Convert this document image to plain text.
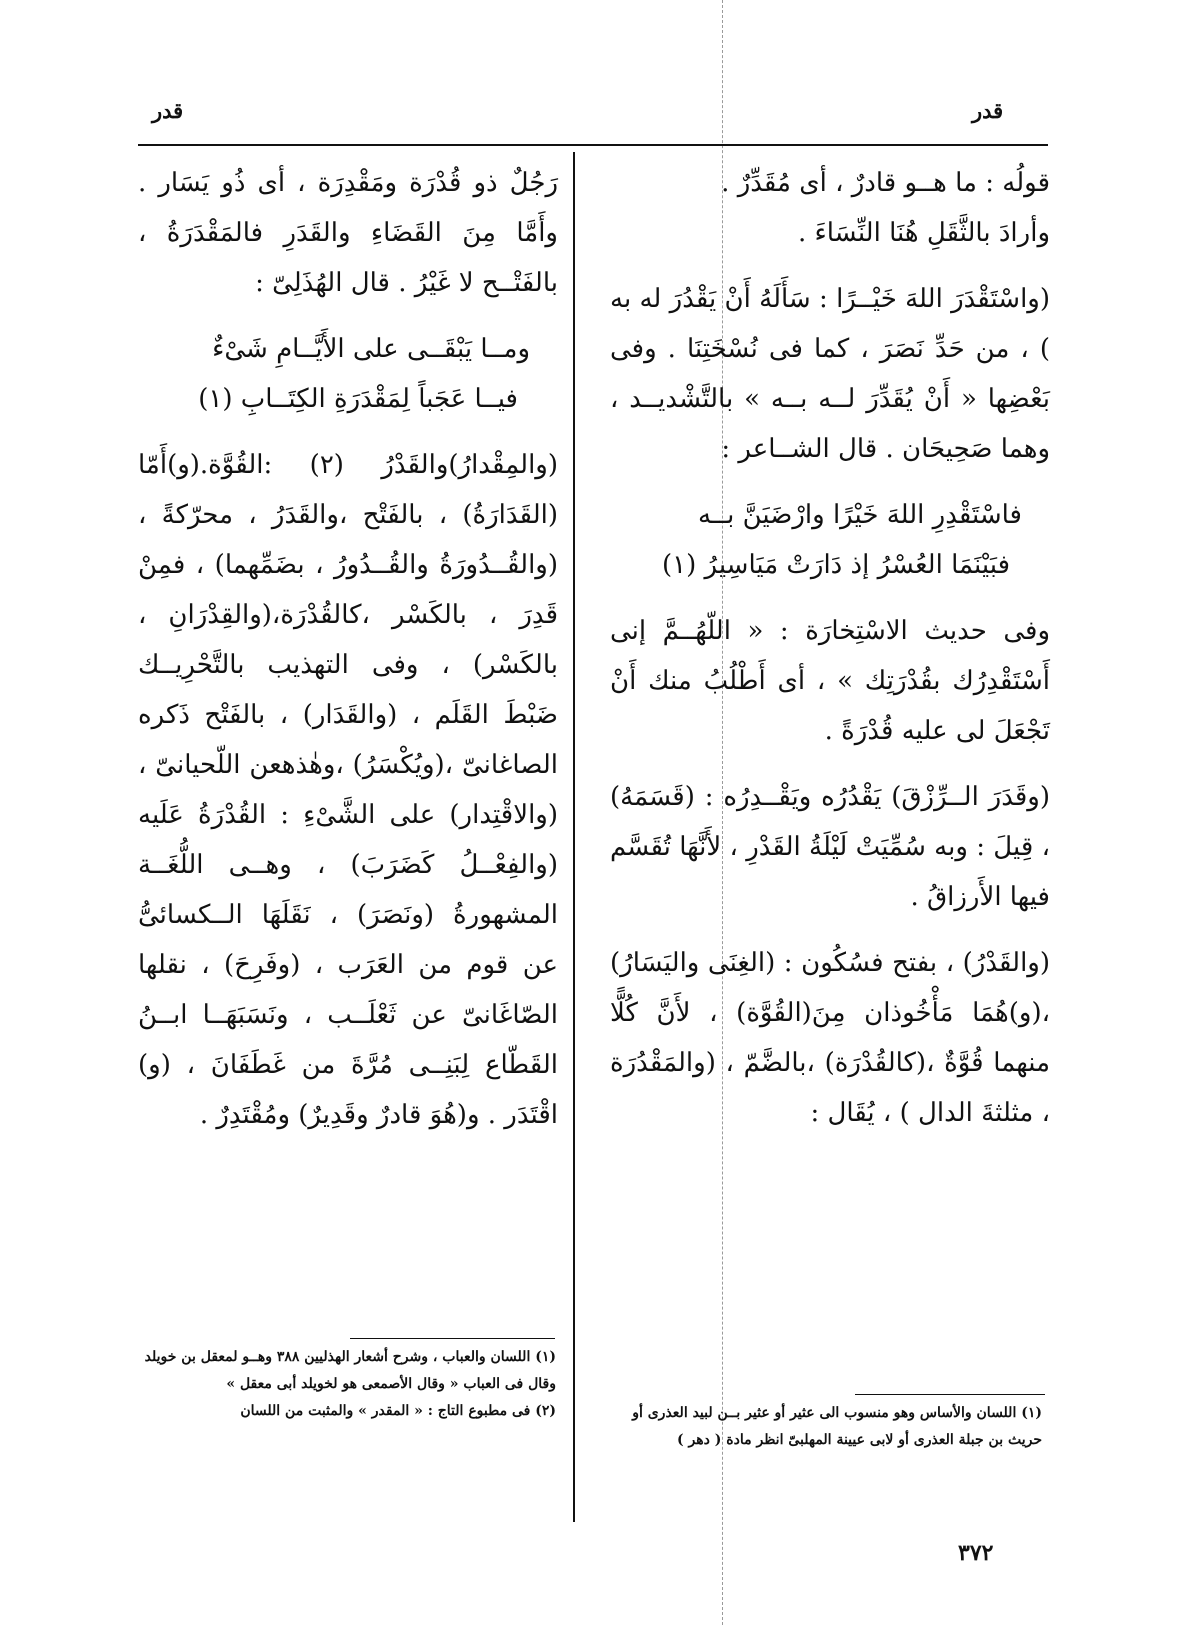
قدر
قدر

قولُه : ما هــو قادرٌ ، أى مُقَدِّرٌ .

وأرادَ بالثَّقَلِ هُنَا النِّسَاءَ .

(واسْتَقْدَرَ اللهَ خَيْــرًا : سَأَلَهُ أَنْ يَقْدُرَ له به ) ، من حَدِّ نَصَرَ ، كما فى نُسْخَتِنَا . وفى بَعْضِها « أَنْ يُقَدِّرَ لــه بــه » بالتَّشْديــد ، وهما صَحِيحَان . قال الشــاعر :

فاسْتَقْدِرِ اللهَ خَيْرًا وارْضَيَنَّ بــه

فبَيْنَمَا العُسْرُ إذ دَارَتْ مَيَاسِيرُ (١)

وفى حديث الاسْتِخارَة : « اللّهُــمَّ إنى أَسْتَقْدِرُك بقُدْرَتِك » ، أى أَطْلُبُ منك أَنْ تَجْعَلَ لى عليه قُدْرَةً .

(وقَدَرَ الــرِّزْقَ) يَقْدُرُه ويَقْــدِرُه : (قَسَمَهُ) ، قِيلَ : وبه سُمِّيَتْ لَيْلَةُ القَدْرِ ، لأَنَّهَا تُقَسَّم فيها الأَرزاقُ .

(والقَدْرُ) ، بفتح فسُكُون : (الغِنَى واليَسَارُ) ،(و)هُمَا مَأْخُوذان مِنَ(القُوَّة) ، لأَنَّ كُلًّا منهما قُوَّةٌ ،(كالقُدْرَة) ،بالضَّمّ ، (والمَقْدُرَة ، مثلثةَ الدال ) ، يُقَال :

رَجُلٌ ذو قُدْرَة ومَقْدِرَة ، أى ذُو يَسَار . وأَمَّا مِنَ القَضَاءِ والقَدَرِ فالمَقْدَرَةُ ، بالفَتْــح لا غَيْرُ . قال الهُذَلِىّ :

ومــا يَبْقَــى على الأَيَّــامِ شَىْءٌ

فيــا عَجَباً لِمَقْدَرَةِ الكِتَــابِ (١)

(والمِقْدارُ)والقَدْرُ (٢) :القُوَّة.(و)أَمّا (القَدَارَةُ) ، بالفَتْح ،والقَدَرُ ، محرّكةً ، (والقُــدُورَةُ والقُــدُورُ ، بضَمِّهما) ، فمِنْ قَدِرَ ، بالكَسْر ،كالقُدْرَة،(والقِدْرَانِ ، بالكَسْر) ، وفى التهذيب بالتَّحْرِيــك ضَبْطَ القَلَم ، (والقَدَار) ، بالفَتْح ذَكره الصاغانىّ ،(ويُكْسَرُ) ،وهٰذهعن اللّحيانىّ ، (والاقْتِدار) على الشَّىْءِ : القُدْرَةُ عَلَيه (والفِعْــلُ كَضَرَبَ) ، وهــى اللُّغَــة المشهورةُ (ونَصَرَ) ، نَقَلَهَا الــكسائىُّ عن قوم من العَرَب ، (وفَرِحَ) ، نقلها الصّاغَانىّ عن ثَعْلَــب ، ونَسَبَهَــا ابــنُ القَطّاع لِبَنِــى مُرَّةَ من غَطَفَانَ ، (و) اقْتَدَر . و(هُوَ قادرٌ وقَدِيرٌ) ومُقْتَدِرٌ .

(١) اللسان والأساس وهو منسوب الى عثير أو عثير بــن لبيد العذرى أو حريث بن جبلة العذرى أو لابى عيينة المهلبىّ انظر مادة ( دهر )

(١) اللسان والعباب ، وشرح أشعار الهذليين ٣٨٨ وهــو لمعقل بن خويلد وقال فى العباب « وقال الأصمعى هو لخويلد أبى معقل »

(٢) فى مطبوع التاج : « المقدر » والمثبت من اللسان

٣٧٢
